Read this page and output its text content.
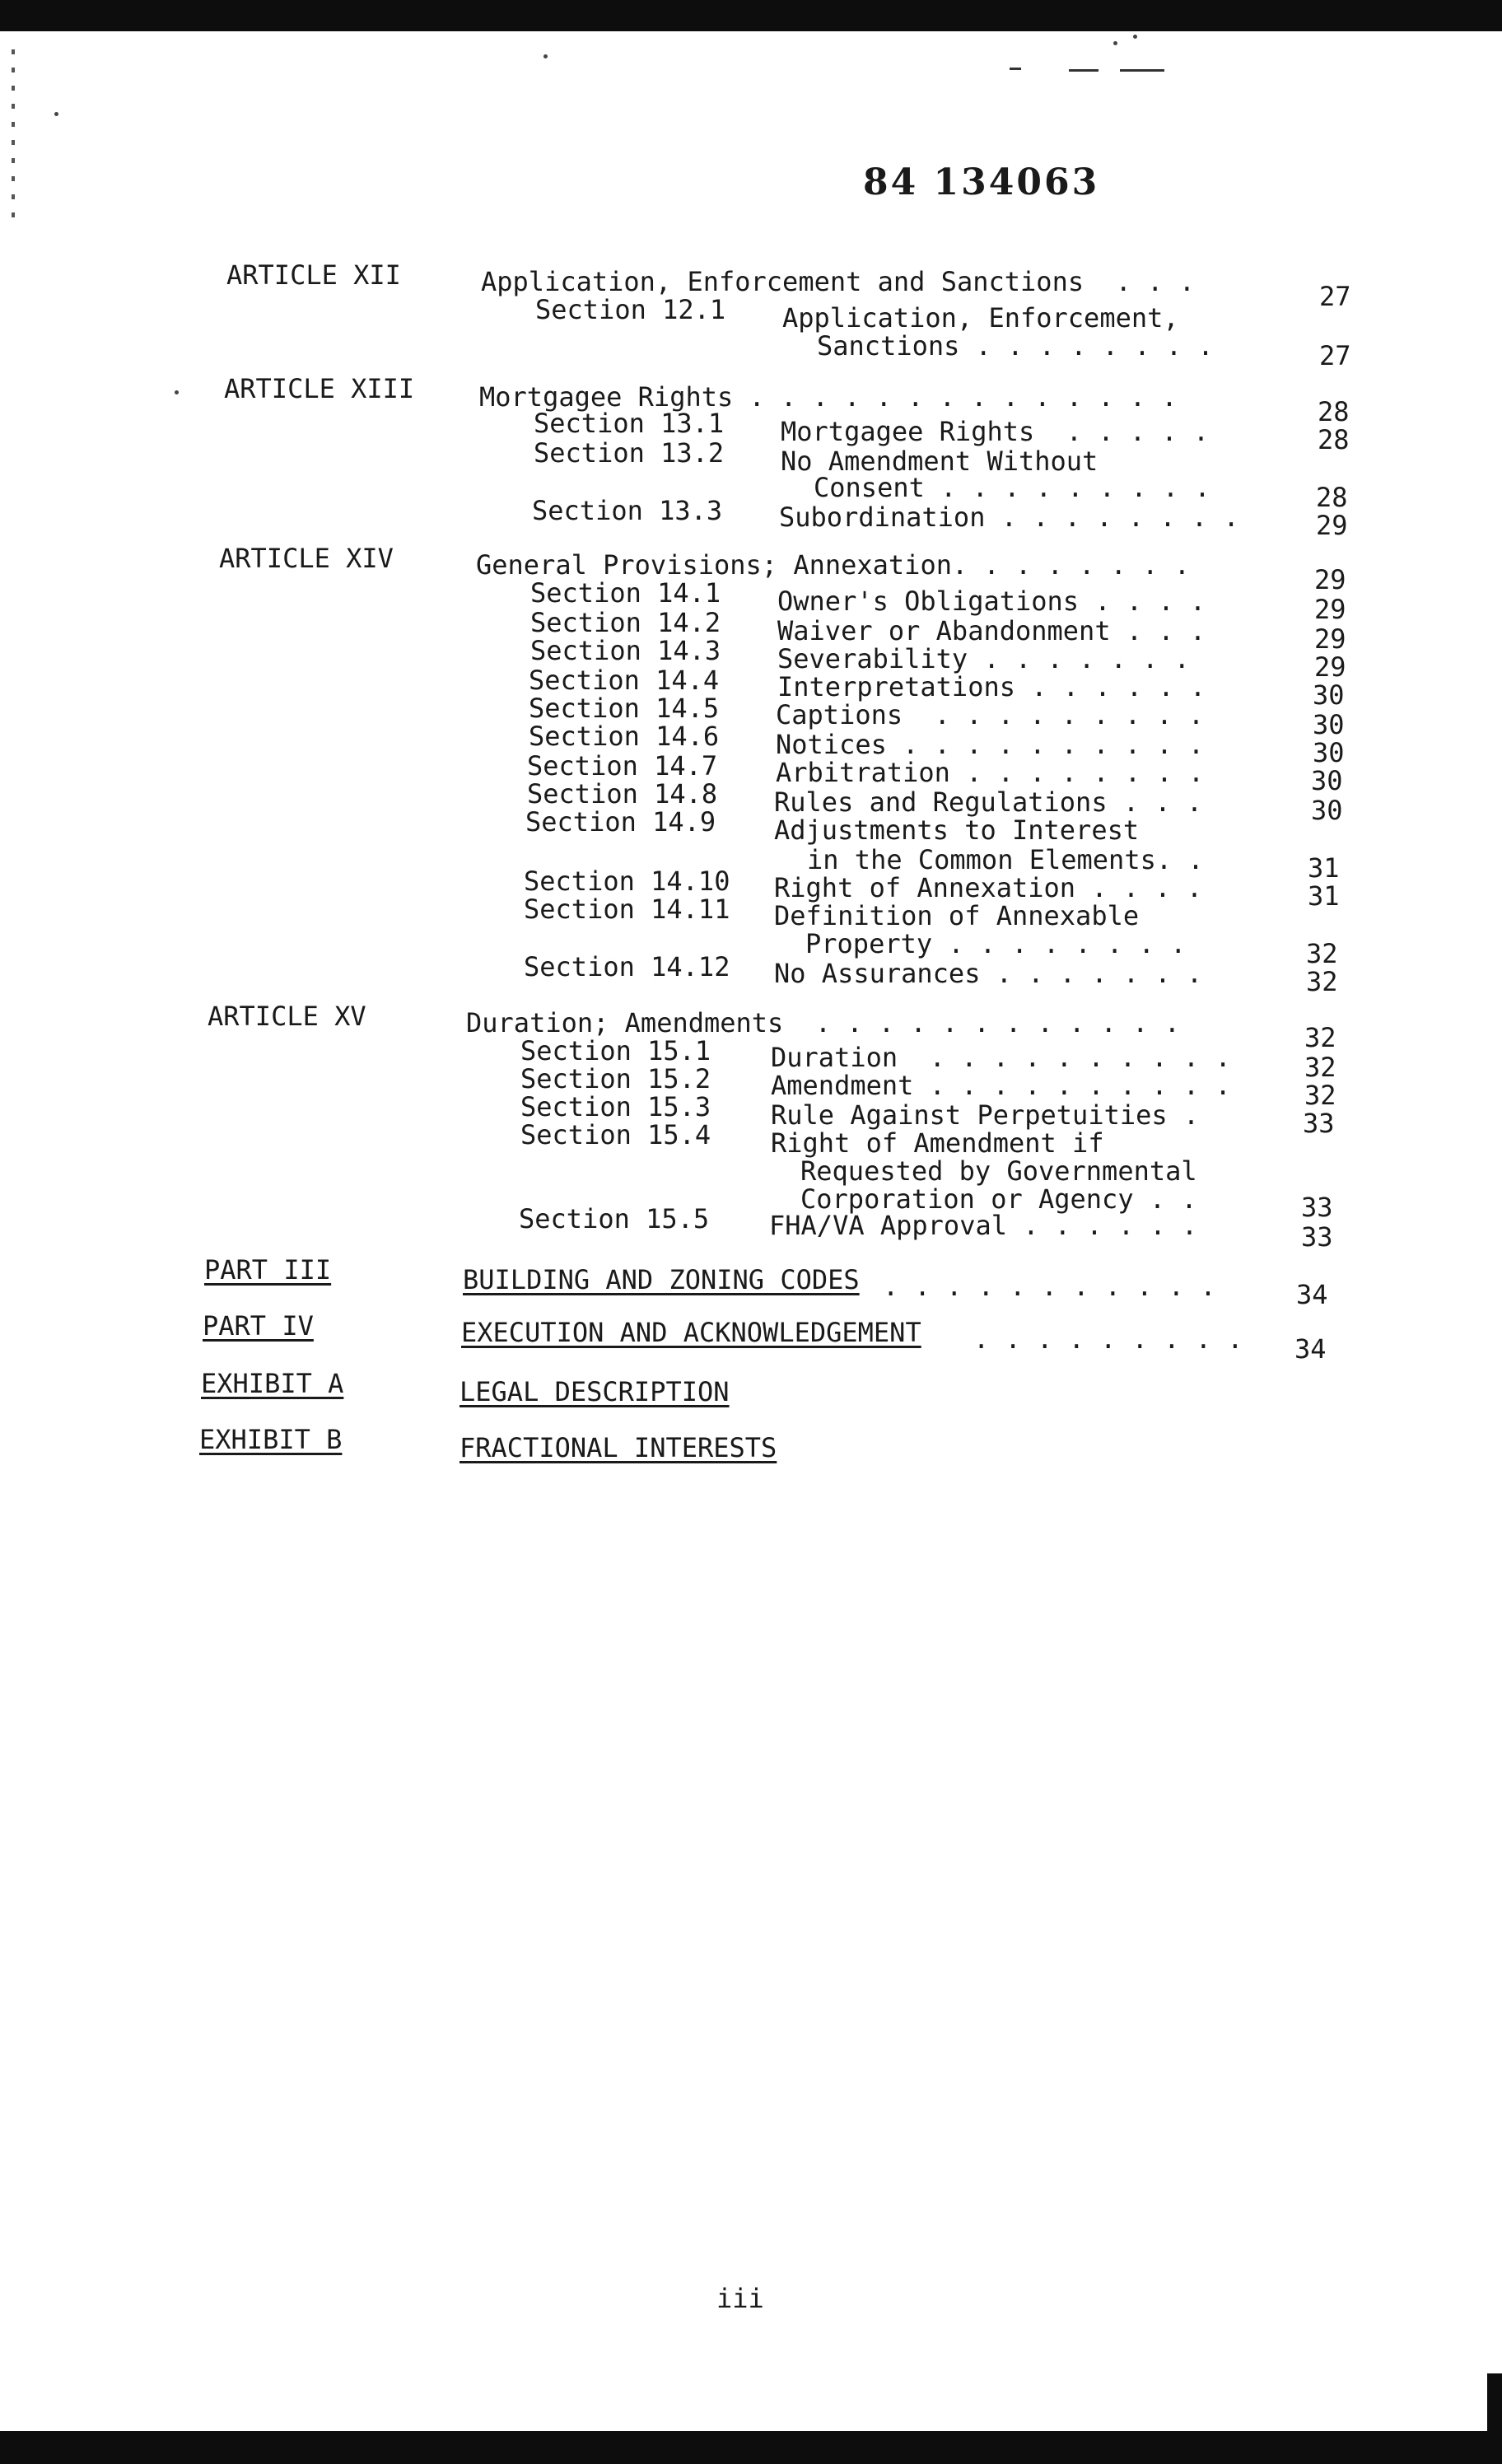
84 134063
ARTICLE XII	Application, Enforcement and Sanctions  . . .	27
Section 12.1 Application, Enforcement,
Sanctions . . . . . . . .	27
ARTICLE XIII Mortgagee Rights . . . . . . . . . . . . . .	28
Section 13.1 Mortgagee Rights  . . . . .	28
Section 13.2 No Amendment Without
Consent . . . . . . . . .	28
Section 13.3 Subordination . . . . . . . .	29
ARTICLE XIV	General Provisions; Annexation. . . . . . . .	29
Section 14.1 Owner's Obligations . . . .	29
Section 14.2 Waiver or Abandonment . . .	29
Section 14.3 Severability . . . . . . .	29
Section 14.4 Interpretations . . . . . .	30
Section 14.5 Captions  . . . . . . . . .	30
Section 14.6 Notices . . . . . . . . . .	30
Section 14.7 Arbitration . . . . . . . .	30
Section 14.8 Rules and Regulations . . .	30
Section 14.9 Adjustments to Interest
in the Common Elements. .	31
Section 14.10 Right of Annexation . . . .	31
Section 14.11 Definition of Annexable
Property . . . . . . . .	32
Section 14.12 No Assurances . . . . . . .	32
ARTICLE XV	Duration; Amendments  . . . . . . . . . . . .	32
Section 15.1 Duration  . . . . . . . . . .	32
Section 15.2 Amendment . . . . . . . . . .	32
Section 15.3 Rule Against Perpetuities .	33
Section 15.4 Right of Amendment if
Requested by Governmental
Corporation or Agency . .	33
Section 15.5 FHA/VA Approval . . . . . .	33
PART III	BUILDING AND ZONING CODES . . . . . . . . . . .	34
PART IV	EXECUTION AND ACKNOWLEDGEMENT . . . . . . . . . 34
EXHIBIT A	LEGAL DESCRIPTION
EXHIBIT B	FRACTIONAL INTERESTS
iii
